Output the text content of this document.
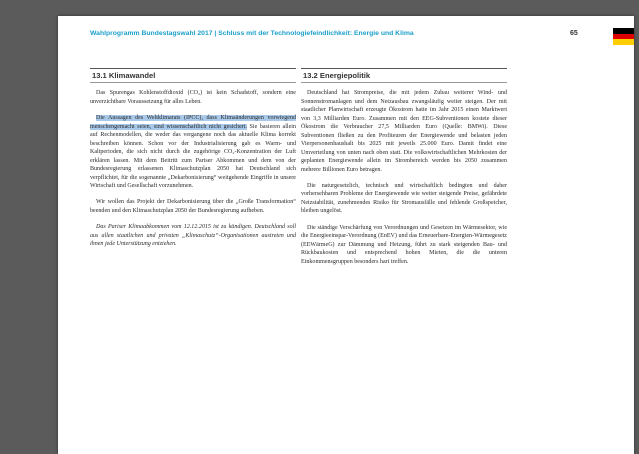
Wahlprogramm Bundestagswahl 2017 | Schluss mit der Technologiefeindlichkeit: Energie und Klima	65
13.1 Klimawandel

Das Spurengas Kohlenstoffdioxid (CO₂) ist kein Schadstoff, sondern eine unverzichtbare Voraussetzung für alles Leben.

Die Aussagen des Weltklimarats (IPCC), dass Klimaänderungen vorwiegend menschengemacht seien, sind wissenschaftlich nicht gesichert. Sie basieren allein auf Rechenmodellen, die weder das vergangene noch das aktuelle Klima korrekt beschreiben können. Schon vor der Industrialisierung gab es Warm- und Kaltperioden, die sich nicht durch die zugehörige CO₂-Konzentration der Luft erklären lassen. Mit dem Beitritt zum Pariser Abkommen und dem von der Bundesregierung erlassenen Klimaschutzplan 2050 hat Deutschland sich verpflichtet, für die sogenannte „Dekarbonisierung“ weitgehende Eingriffe in unsere Wirtschaft und Gesellschaft vorzunehmen.

Wir wollen das Projekt der Dekarbonisierung über die „Große Transformation“ beenden und den Klimaschutzplan 2050 der Bundesregierung aufheben.

Das Pariser Klimaabkommen vom 12.12.2015 ist zu kündigen. Deutschland soll aus allen staatlichen und privaten „Klimaschutz“-Organisationen austreten und ihnen jede Unterstützung entziehen.

13.2 Energiepolitik

Deutschland hat Strompreise, die mit jedem Zubau weiterer Wind- und Sonnenstromanlagen und dem Netzausbau zwangsläufig weiter steigen. Der mit staatlicher Planwirtschaft erzeugte Ökostrom hatte im Jahr 2015 einen Marktwert von 3,3 Milliarden Euro. Zusammen mit den EEG-Subventionen kostete dieser Ökostrom die Verbraucher 27,5 Milliarden Euro (Quelle: BMWi). Diese Subventionen fließen zu den Profiteuren der Energiewende und belasten jeden Vierpersonenhaushalt bis 2025 mit jeweils 25.000 Euro. Damit findet eine Umverteilung von unten nach oben statt. Die volkswirtschaftlichen Mehrkosten der geplanten Energiewende allein im Strombereich werden bis 2050 zusammen mehrere Billionen Euro betragen.

Die naturgesetzlich, technisch und wirtschaftlich bedingten und daher vorhersehbaren Probleme der Energiewende wie weiter steigende Preise, gefährdete Netzstabilität, zunehmendes Risiko für Stromausfälle und fehlende Großspeicher, bleiben ungelöst.

Die ständige Verschärfung von Verordnungen und Gesetzen im Wärmesektor, wie die Energieeinspar-Verordnung (EnEV) und das Erneuerbare-Energien-Wärmegesetz (EEWärmeG) zur Dämmung und Heizung, führt zu stark steigenden Bau- und Rückbaukosten und entsprechend hohen Mieten, die die unteren Einkommensgruppen besonders hart treffen.
